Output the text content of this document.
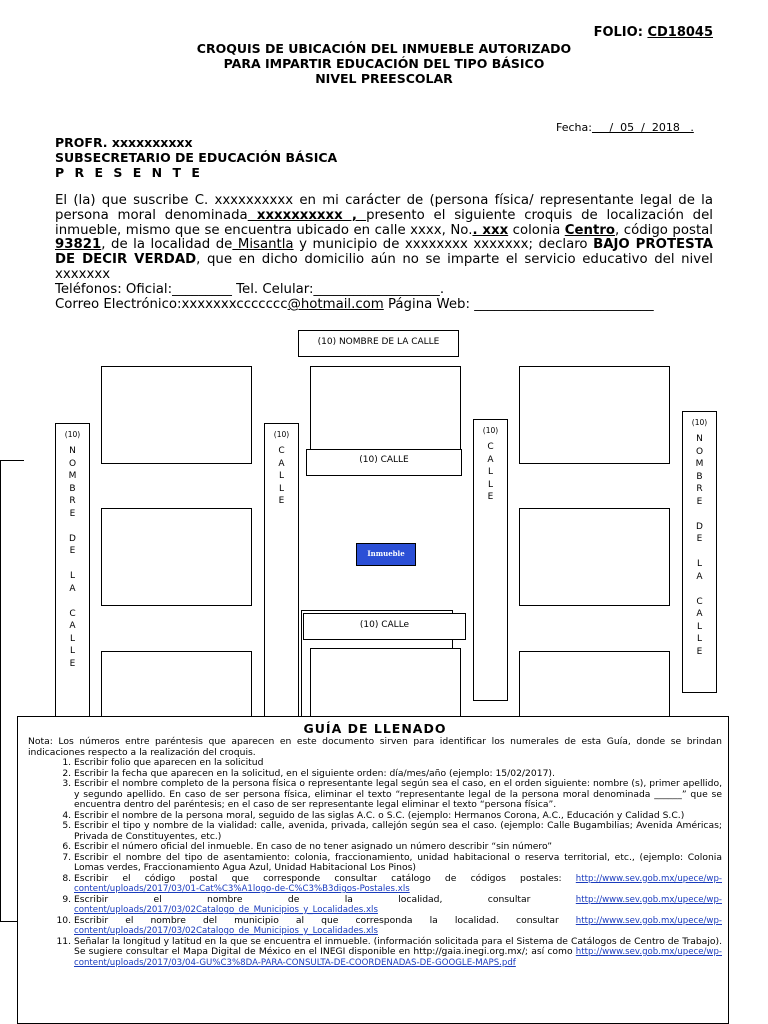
FOLIO: CD18045
CROQUIS DE UBICACIÓN DEL INMUEBLE AUTORIZADO
PARA IMPARTIR EDUCACIÓN DEL TIPO BÁSICO
NIVEL PREESCOLAR
Fecha:     /  05  /  2018   .
PROFR. xxxxxxxxxx
SUBSECRETARIO DE EDUCACIÓN BÁSICA
P R E S E N T E
El (la) que suscribe C. xxxxxxxxxx en mi carácter de (persona física/ representante legal de la persona moral denominada xxxxxxxxxx , presento el siguiente croquis de localización del inmueble, mismo que se encuentra ubicado en calle xxxx, No.. xxx colonia Centro, código postal 93821, de la localidad de Misantla y municipio de xxxxxxxx xxxxxxx; declaro BAJO PROTESTA DE DECIR VERDAD, que en dicho domicilio aún no se imparte el servicio educativo del nivel xxxxxxx
Teléfonos: Oficial:_________ Tel. Celular:___________________.
Correo Electrónico:xxxxxxxccccccc@hotmail.com Página Web: ___________________________
(10) NOMBRE DE LA CALLE
(10)
N
O
M
B
R
E

D
E

L
A

C
A
L
L
E
(10)
C
A
L
L
E
(10)
C
A
L
L
E
(10)
N
O
M
B
R
E

D
E

L
A

C
A
L
L
E
(10) CALLE
(10) CALLe
Inmueble
GUÍA DE LLENADO

Nota: Los números entre paréntesis que aparecen en este documento sirven para identificar los numerales de esta Guía, donde se brindan indicaciones respecto a la realización del croquis.

1. Escribir folio que aparecen en la solicitud
2. Escribir la fecha que aparecen en la solicitud, en el siguiente orden: día/mes/año (ejemplo: 15/02/2017).
3. Escribir el nombre completo de la persona física o representante legal según sea el caso, en el orden siguiente: nombre (s), primer apellido, y segundo apellido. En caso de ser persona física, eliminar el texto “representante legal de la persona moral denominada ______” que se encuentra dentro del paréntesis; en el caso de ser representante legal eliminar el texto “persona física”.
4. Escribir el nombre de la persona moral, seguido de las siglas A.C. o S.C. (ejemplo: Hermanos Corona, A.C., Educación y Calidad S.C.)
5. Escribir el tipo y nombre de la vialidad: calle, avenida, privada, callejón según sea el caso. (ejemplo: Calle Bugambilias; Avenida Américas; Privada de Constituyentes, etc.)
6. Escribir el número oficial del inmueble. En caso de no tener asignado un número describir “sin número”
7. Escribir el nombre del tipo de asentamiento: colonia, fraccionamiento, unidad habitacional o reserva territorial, etc., (ejemplo: Colonia Lomas verdes, Fraccionamiento Agua Azul, Unidad Habitacional Los Pinos)
8. Escribir el código postal que corresponde consultar catálogo de códigos postales: http://www.sev.gob.mx/upece/wp-content/uploads/2017/03/01-Cat%C3%A1logo-de-C%C3%B3digos-Postales.xls
9. Escribir el nombre de la localidad, consultar http://www.sev.gob.mx/upece/wp-content/uploads/2017/03/02Catalogo_de_Municipios_y_Localidades.xls
10. Escribir el nombre del municipio al que corresponda la localidad. consultar http://www.sev.gob.mx/upece/wp-content/uploads/2017/03/02Catalogo_de_Municipios_y_Localidades.xls
11. Señalar la longitud y latitud en la que se encuentra el inmueble. (información solicitada para el Sistema de Catálogos de Centro de Trabajo). Se sugiere consultar el Mapa Digital de México en el INEGI disponible en http://gaia.inegi.org.mx/; así como http://www.sev.gob.mx/upece/wp-content/uploads/2017/03/04-GU%C3%8DA-PARA-CONSULTA-DE-COORDENADAS-DE-GOOGLE-MAPS.pdf
